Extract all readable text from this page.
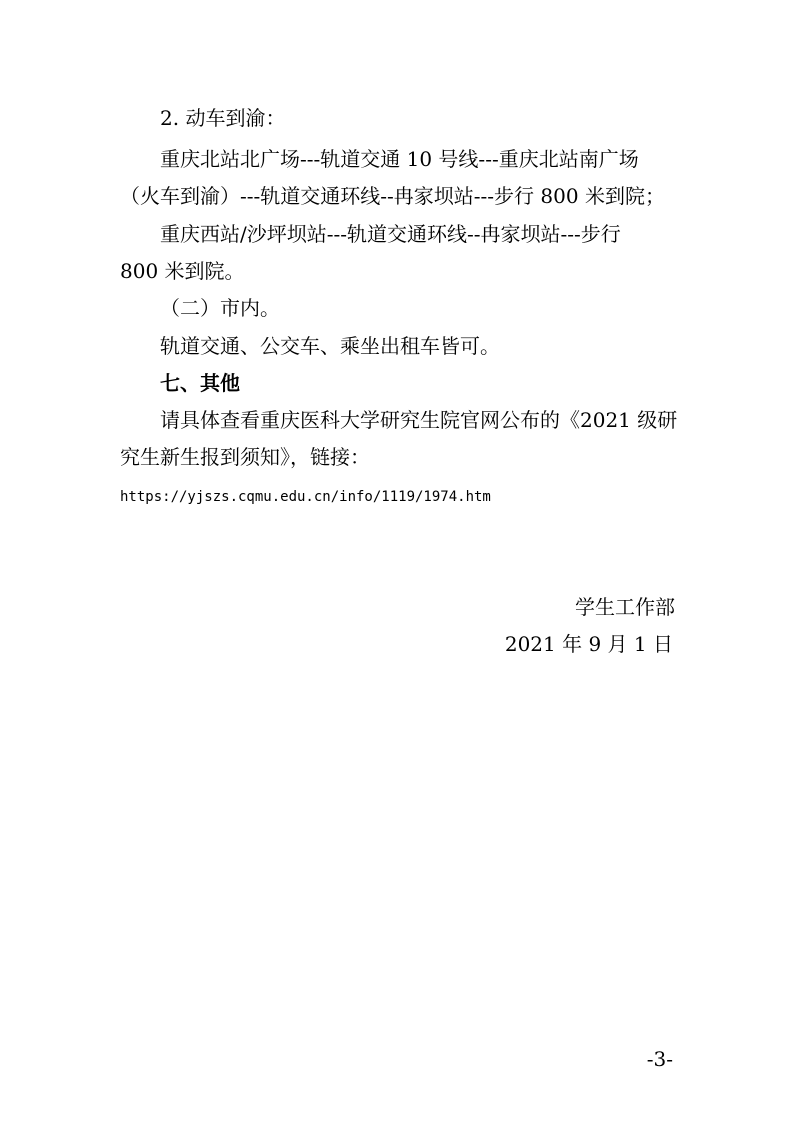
2. 动车到渝：

重庆北站北广场---轨道交通 10 号线---重庆北站南广场

（火车到渝）---轨道交通环线--冉家坝站---步行 800 米到院；

重庆西站/沙坪坝站---轨道交通环线--冉家坝站---步行

800 米到院。

（二）市内。

轨道交通、公交车、乘坐出租车皆可。

七、其他

请具体查看重庆医科大学研究生院官网公布的《2021 级研

究生新生报到须知》，链接：

https://yjszs.cqmu.edu.cn/info/1119/1974.htm

学生工作部

2021 年 9 月 1 日

-3-
